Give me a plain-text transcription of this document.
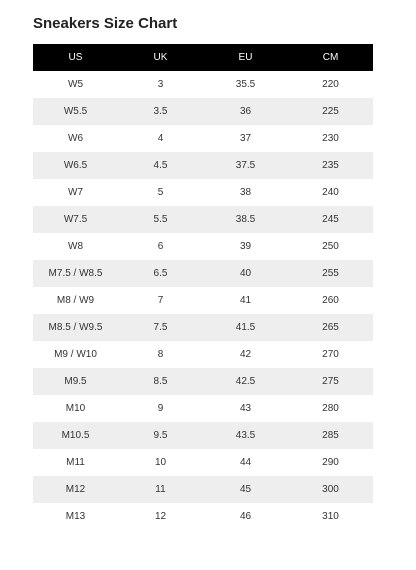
Sneakers Size Chart
US	UK	EU	CM
W5	3	35.5	220
W5.5	3.5	36	225
W6	4	37	230
W6.5	4.5	37.5	235
W7	5	38	240
W7.5	5.5	38.5	245
W8	6	39	250
M7.5 / W8.5	6.5	40	255
M8 / W9	7	41	260
M8.5 / W9.5	7.5	41.5	265
M9 / W10	8	42	270
M9.5	8.5	42.5	275
M10	9	43	280
M10.5	9.5	43.5	285
M11	10	44	290
M12	11	45	300
M13	12	46	310
